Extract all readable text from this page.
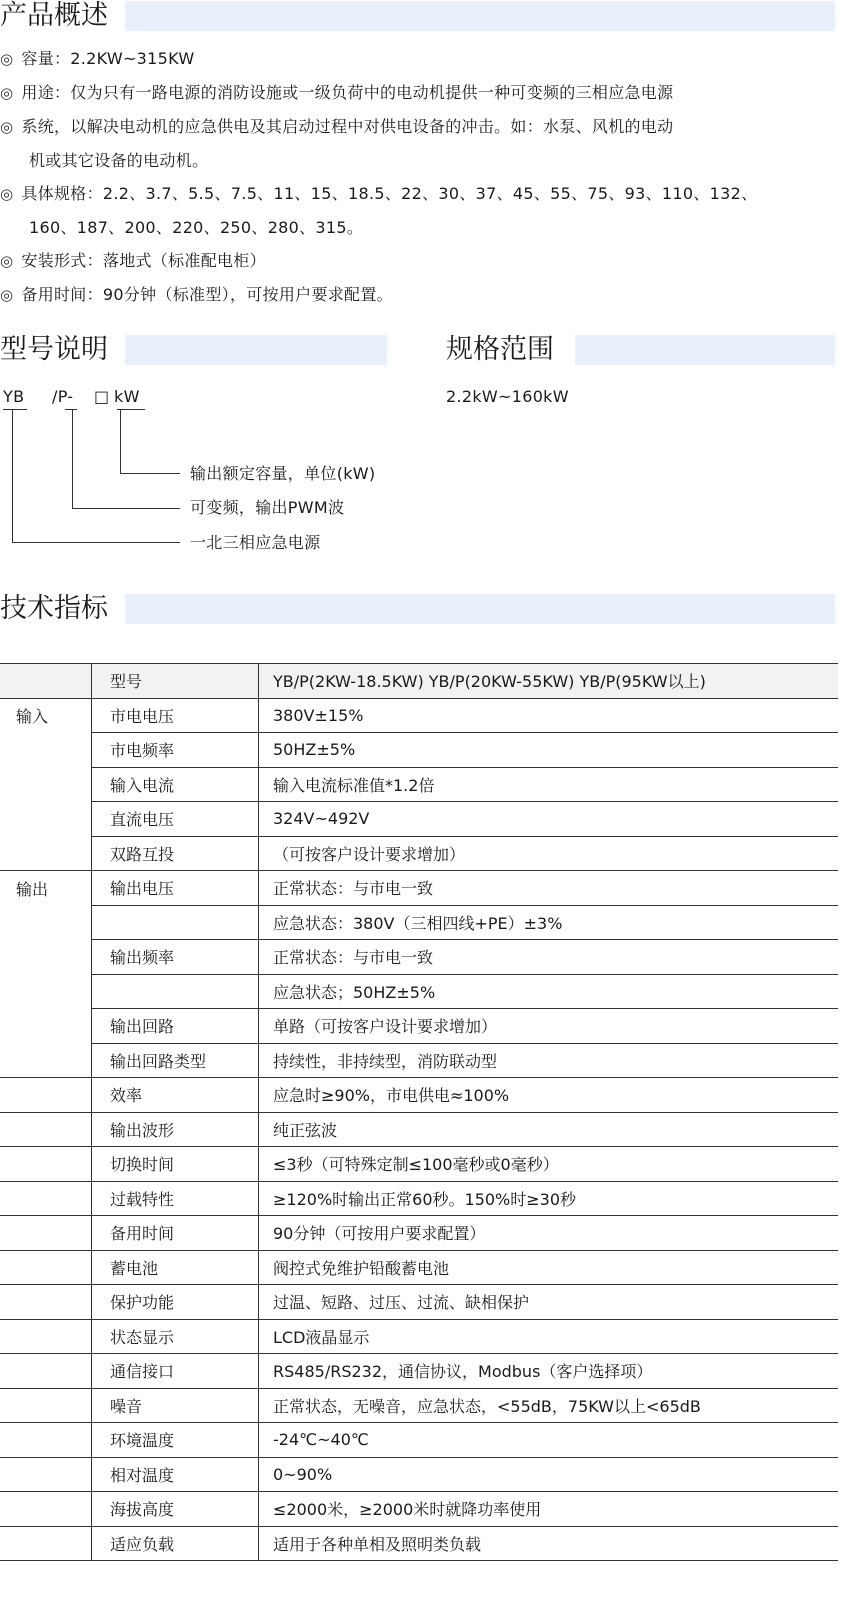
产品概述
◎ 容量：2.2KW~315KW
◎ 用途：仅为只有一路电源的消防设施或一级负荷中的电动机提供一种可变频的三相应急电源
◎ 系统，以解决电动机的应急供电及其启动过程中对供电设备的冲击。如：水泵、风机的电动
机或其它设备的电动机。
◎ 具体规格：2.2、3.7、5.5、7.5、11、15、18.5、22、30、37、45、55、75、93、110、132、
160、187、200、220、250、280、315。
◎ 安装形式：落地式（标准配电柜）
◎ 备用时间：90分钟（标准型），可按用户要求配置。
型号说明	规格范围
2.2kW~160kW
YB /P- □ kW
输出额定容量，单位(kW)
可变频，输出PWM波
一北三相应急电源
技术指标
	型号	YB/P(2KW-18.5KW) YB/P(20KW-55KW) YB/P(95KW以上)
输入	市电电压	380V±15%
	市电频率	50HZ±5%
	输入电流	输入电流标准值*1.2倍
	直流电压	324V~492V
	双路互投	（可按客户设计要求增加）
输出	输出电压	正常状态：与市电一致
		应急状态：380V（三相四线+PE）±3%
	输出频率	正常状态：与市电一致
		应急状态；50HZ±5%
	输出回路	单路（可按客户设计要求增加）
	输出回路类型	持续性，非持续型，消防联动型
	效率	应急时≥90%，市电供电≈100%
	输出波形	纯正弦波
	切换时间	≤3秒（可特殊定制≤100毫秒或0毫秒）
	过载特性	≥120%时输出正常60秒。150%时≥30秒
	备用时间	90分钟（可按用户要求配置）
	蓄电池	阀控式免维护铅酸蓄电池
	保护功能	过温、短路、过压、过流、缺相保护
	状态显示	LCD液晶显示
	通信接口	RS485/RS232，通信协议，Modbus（客户选择项）
	噪音	正常状态，无噪音，应急状态，<55dB，75KW以上<65dB
	环境温度	-24℃~40℃
	相对温度	0~90%
	海拔高度	≤2000米，≥2000米时就降功率使用
	适应负载	适用于各种单相及照明类负载
